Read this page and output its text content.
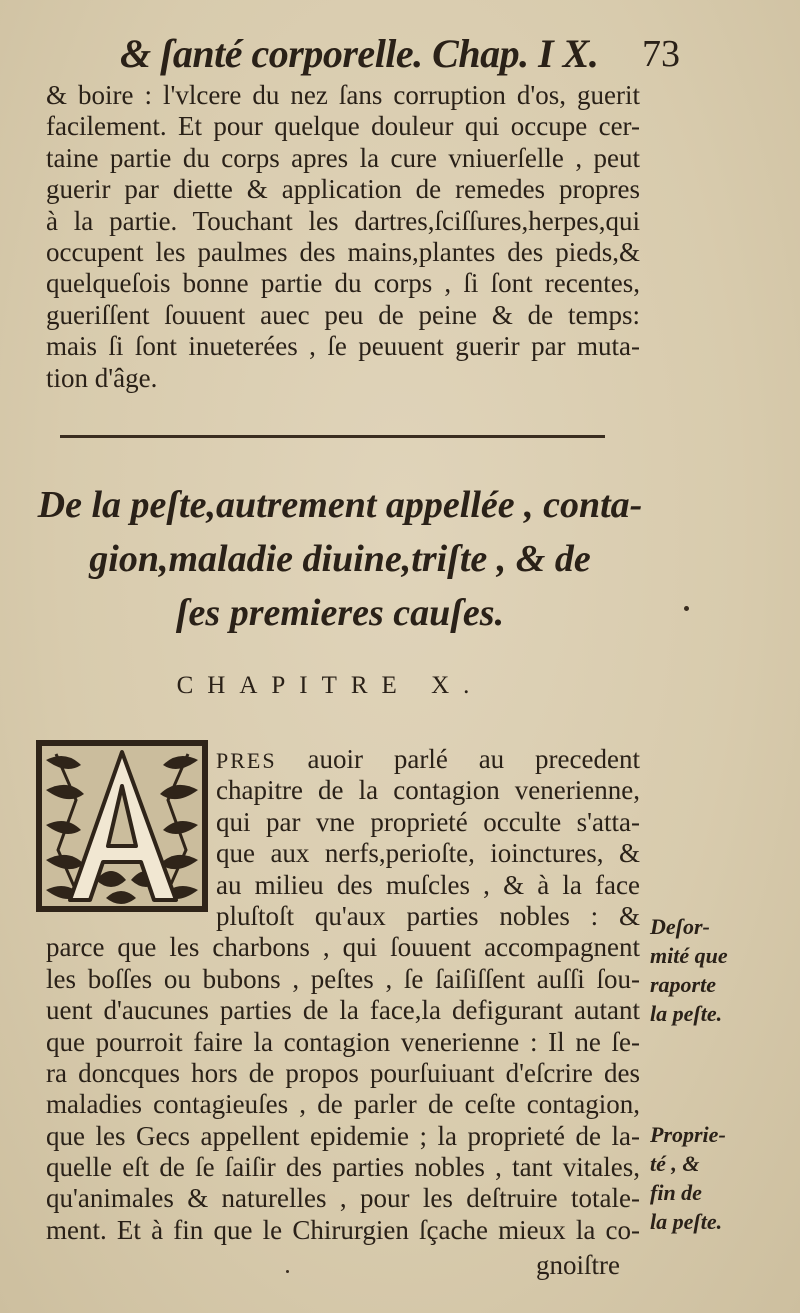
& ſanté corporelle. Chap. I X. 73
& boire : l'vlcere du nez ſans corruption d'os, guerit
facilement. Et pour quelque douleur qui occupe cer-
taine partie du corps apres la cure vniuerſelle , peut
guerir par diette & application de remedes propres
à la partie. Touchant les dartres,ſciſſures,herpes,qui
occupent les paulmes des mains,plantes des pieds,&
quelqueſois bonne partie du corps , ſi ſont recentes,
gueriſſent ſouuent auec peu de peine & de temps:
mais ſi ſont inueterées , ſe peuuent guerir par muta-
tion d'âge.
De la peſte,autrement appellée , conta-
gion,maladie diuine,triſte , & de
ſes premieres cauſes.
CHAPITRE X.
PRES auoir parlé au precedent
chapitre de la contagion venerienne,
qui par vne proprieté occulte s'atta-
que aux nerfs,perioſte, ioinctures, &
au milieu des muſcles , & à la face
pluſtoſt qu'aux parties nobles : &
parce que les charbons , qui ſouuent accompagnent
les boſſes ou bubons , peſtes , ſe ſaiſiſſent auſſi ſou-
uent d'aucunes parties de la face,la defigurant autant
que pourroit faire la contagion venerienne : Il ne ſe-
ra doncques hors de propos pourſuiuant d'eſcrire des
maladies contagieuſes , de parler de ceſte contagion,
que les Gecs appellent epidemie ; la proprieté de la-
quelle eſt de ſe ſaiſir des parties nobles , tant vitales,
qu'animales & naturelles , pour les deſtruire totale-
ment. Et à fin que le Chirurgien ſçache mieux la co-
Deſor-
mité que
raporte
la peſte.
Proprie-
té , &
fin de
la peſte.
gnoiſtre
